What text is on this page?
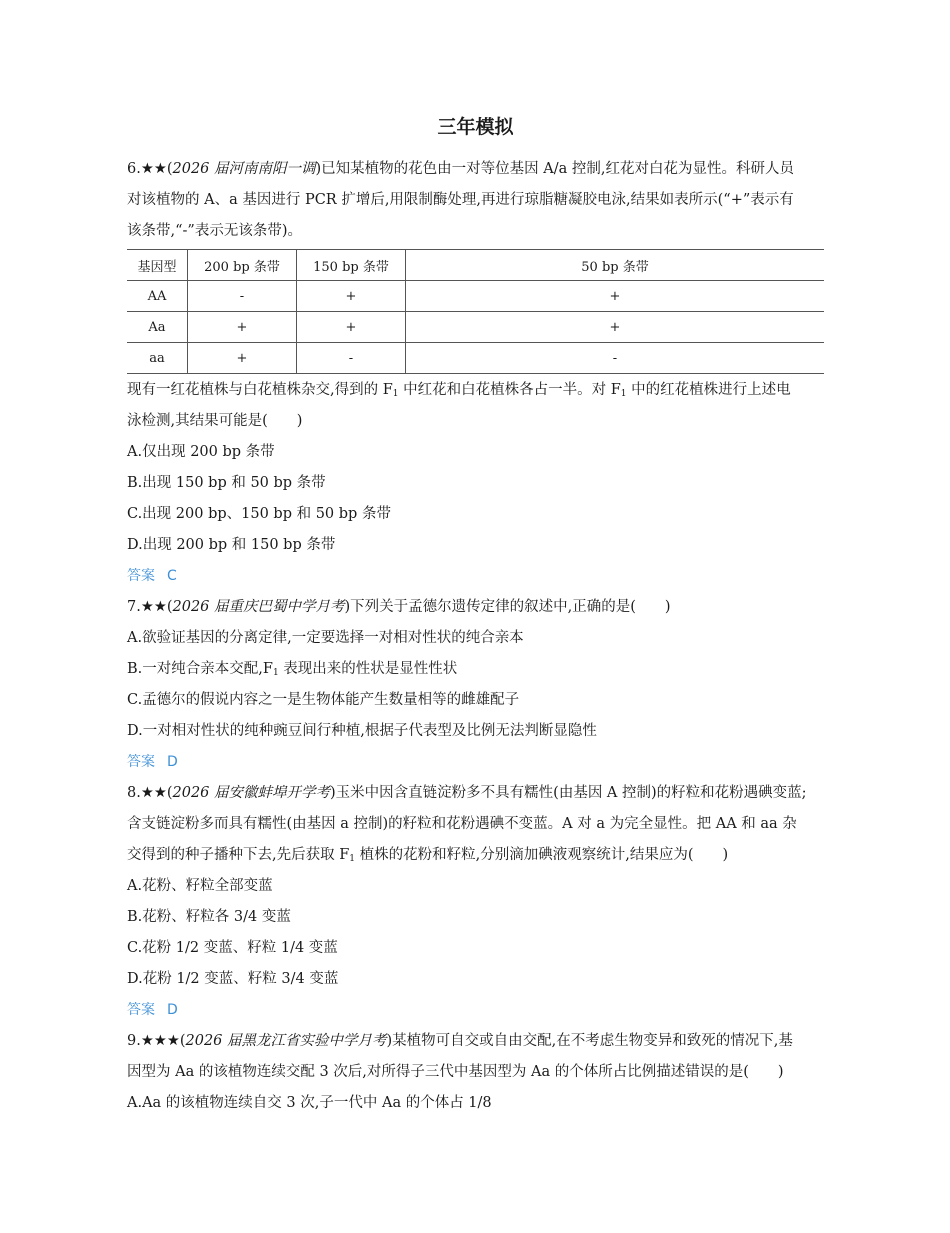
三年模拟
6.★★(2026 届河南南阳一调)已知某植物的花色由一对等位基因 A/a 控制,红花对白花为显性。科研人员
对该植物的 A、a 基因进行 PCR 扩增后,用限制酶处理,再进行琼脂糖凝胶电泳,结果如表所示(“+”表示有
该条带,“-”表示无该条带)。
基因型	200 bp 条带	150 bp 条带	50 bp 条带
AA	-	+	+
Aa	+	+	+
aa	+	-	-
现有一红花植株与白花植株杂交,得到的 $F_1$ 中红花和白花植株各占一半。对 $F_1$ 中的红花植株进行上述电
泳检测,其结果可能是(　　)
A.仅出现 200 bp 条带
B.出现 150 bp 和 50 bp 条带
C.出现 200 bp、150 bp 和 50 bp 条带
D.出现 200 bp 和 150 bp 条带
答案 C
7.★★(2026 届重庆巴蜀中学月考)下列关于孟德尔遗传定律的叙述中,正确的是(　　)
A.欲验证基因的分离定律,一定要选择一对相对性状的纯合亲本
B.一对纯合亲本交配$,F_1$ 表现出来的性状是显性性状
C.孟德尔的假说内容之一是生物体能产生数量相等的雌雄配子
D.一对相对性状的纯种豌豆间行种植,根据子代表型及比例无法判断显隐性
答案 D
8.★★(2026 届安徽蚌埠开学考)玉米中因含直链淀粉多不具有糯性(由基因 A 控制)的籽粒和花粉遇碘变蓝;
含支链淀粉多而具有糯性(由基因 a 控制)的籽粒和花粉遇碘不变蓝。A 对 a 为完全显性。把 AA 和 aa 杂
交得到的种子播种下去,先后获取 $F_1$ 植株的花粉和籽粒,分别滴加碘液观察统计,结果应为(　　)
A.花粉、籽粒全部变蓝
B.花粉、籽粒各 3/4 变蓝
C.花粉 1/2 变蓝、籽粒 1/4 变蓝
D.花粉 1/2 变蓝、籽粒 3/4 变蓝
答案 D
9.★★★(2026 届黑龙江省实验中学月考)某植物可自交或自由交配,在不考虑生物变异和致死的情况下,基
因型为 Aa 的该植物连续交配 3 次后,对所得子三代中基因型为 Aa 的个体所占比例描述错误的是(　　)
A.Aa 的该植物连续自交 3 次,子一代中 Aa 的个体占 1/8
